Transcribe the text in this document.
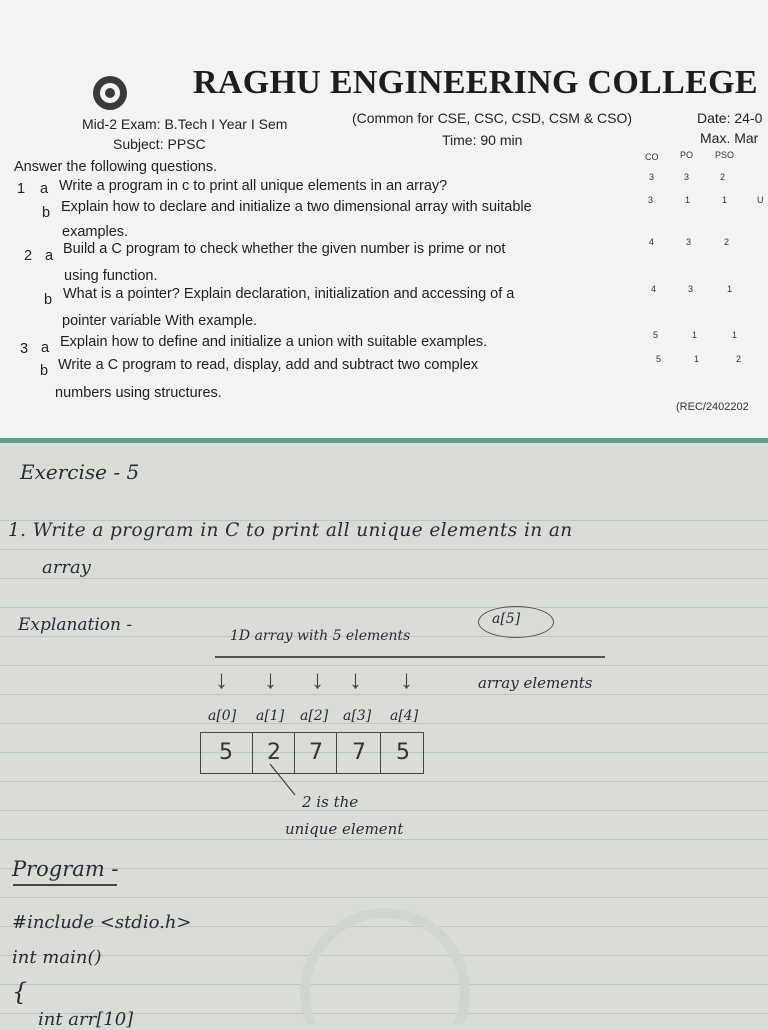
RAGHU ENGINEERING COLLEGE
Mid-2 Exam: B.Tech I Year I Sem	(Common for CSE, CSC, CSD, CSM & CSO)	Date: 24-0
Subject: PPSC	Time: 90 min	Max. Mar
Answer the following questions.
CO PO PSO
1 a Write a program in c to print all unique elements in an array?
3	3	2
b Explain how to declare and initialize a two dimensional array with suitable
examples.
3	1	1	U
2 a Build a C program to check whether the given number is prime or not
using function.
4	3	2
b What is a pointer? Explain declaration, initialization and accessing of a
pointer variable With example.
4	3	1
3 a Explain how to define and initialize a union with suitable examples.	5	1	1
b Write a C program to read, display, add and subtract two complex
numbers using structures.
5	1	2
(REC/2402202
Exercise - 5
1. Write a program in C to print all unique elements in an
array
Explanation -
1D array with 5 elements
a[5]
array elements
↓ ↓ ↓ ↓ ↓
a[0] a[1] a[2] a[3] a[4]
5	2	7	7	5
2 is the
unique element
Program -
#include <stdio.h>
int main()
{
int arr[10]
